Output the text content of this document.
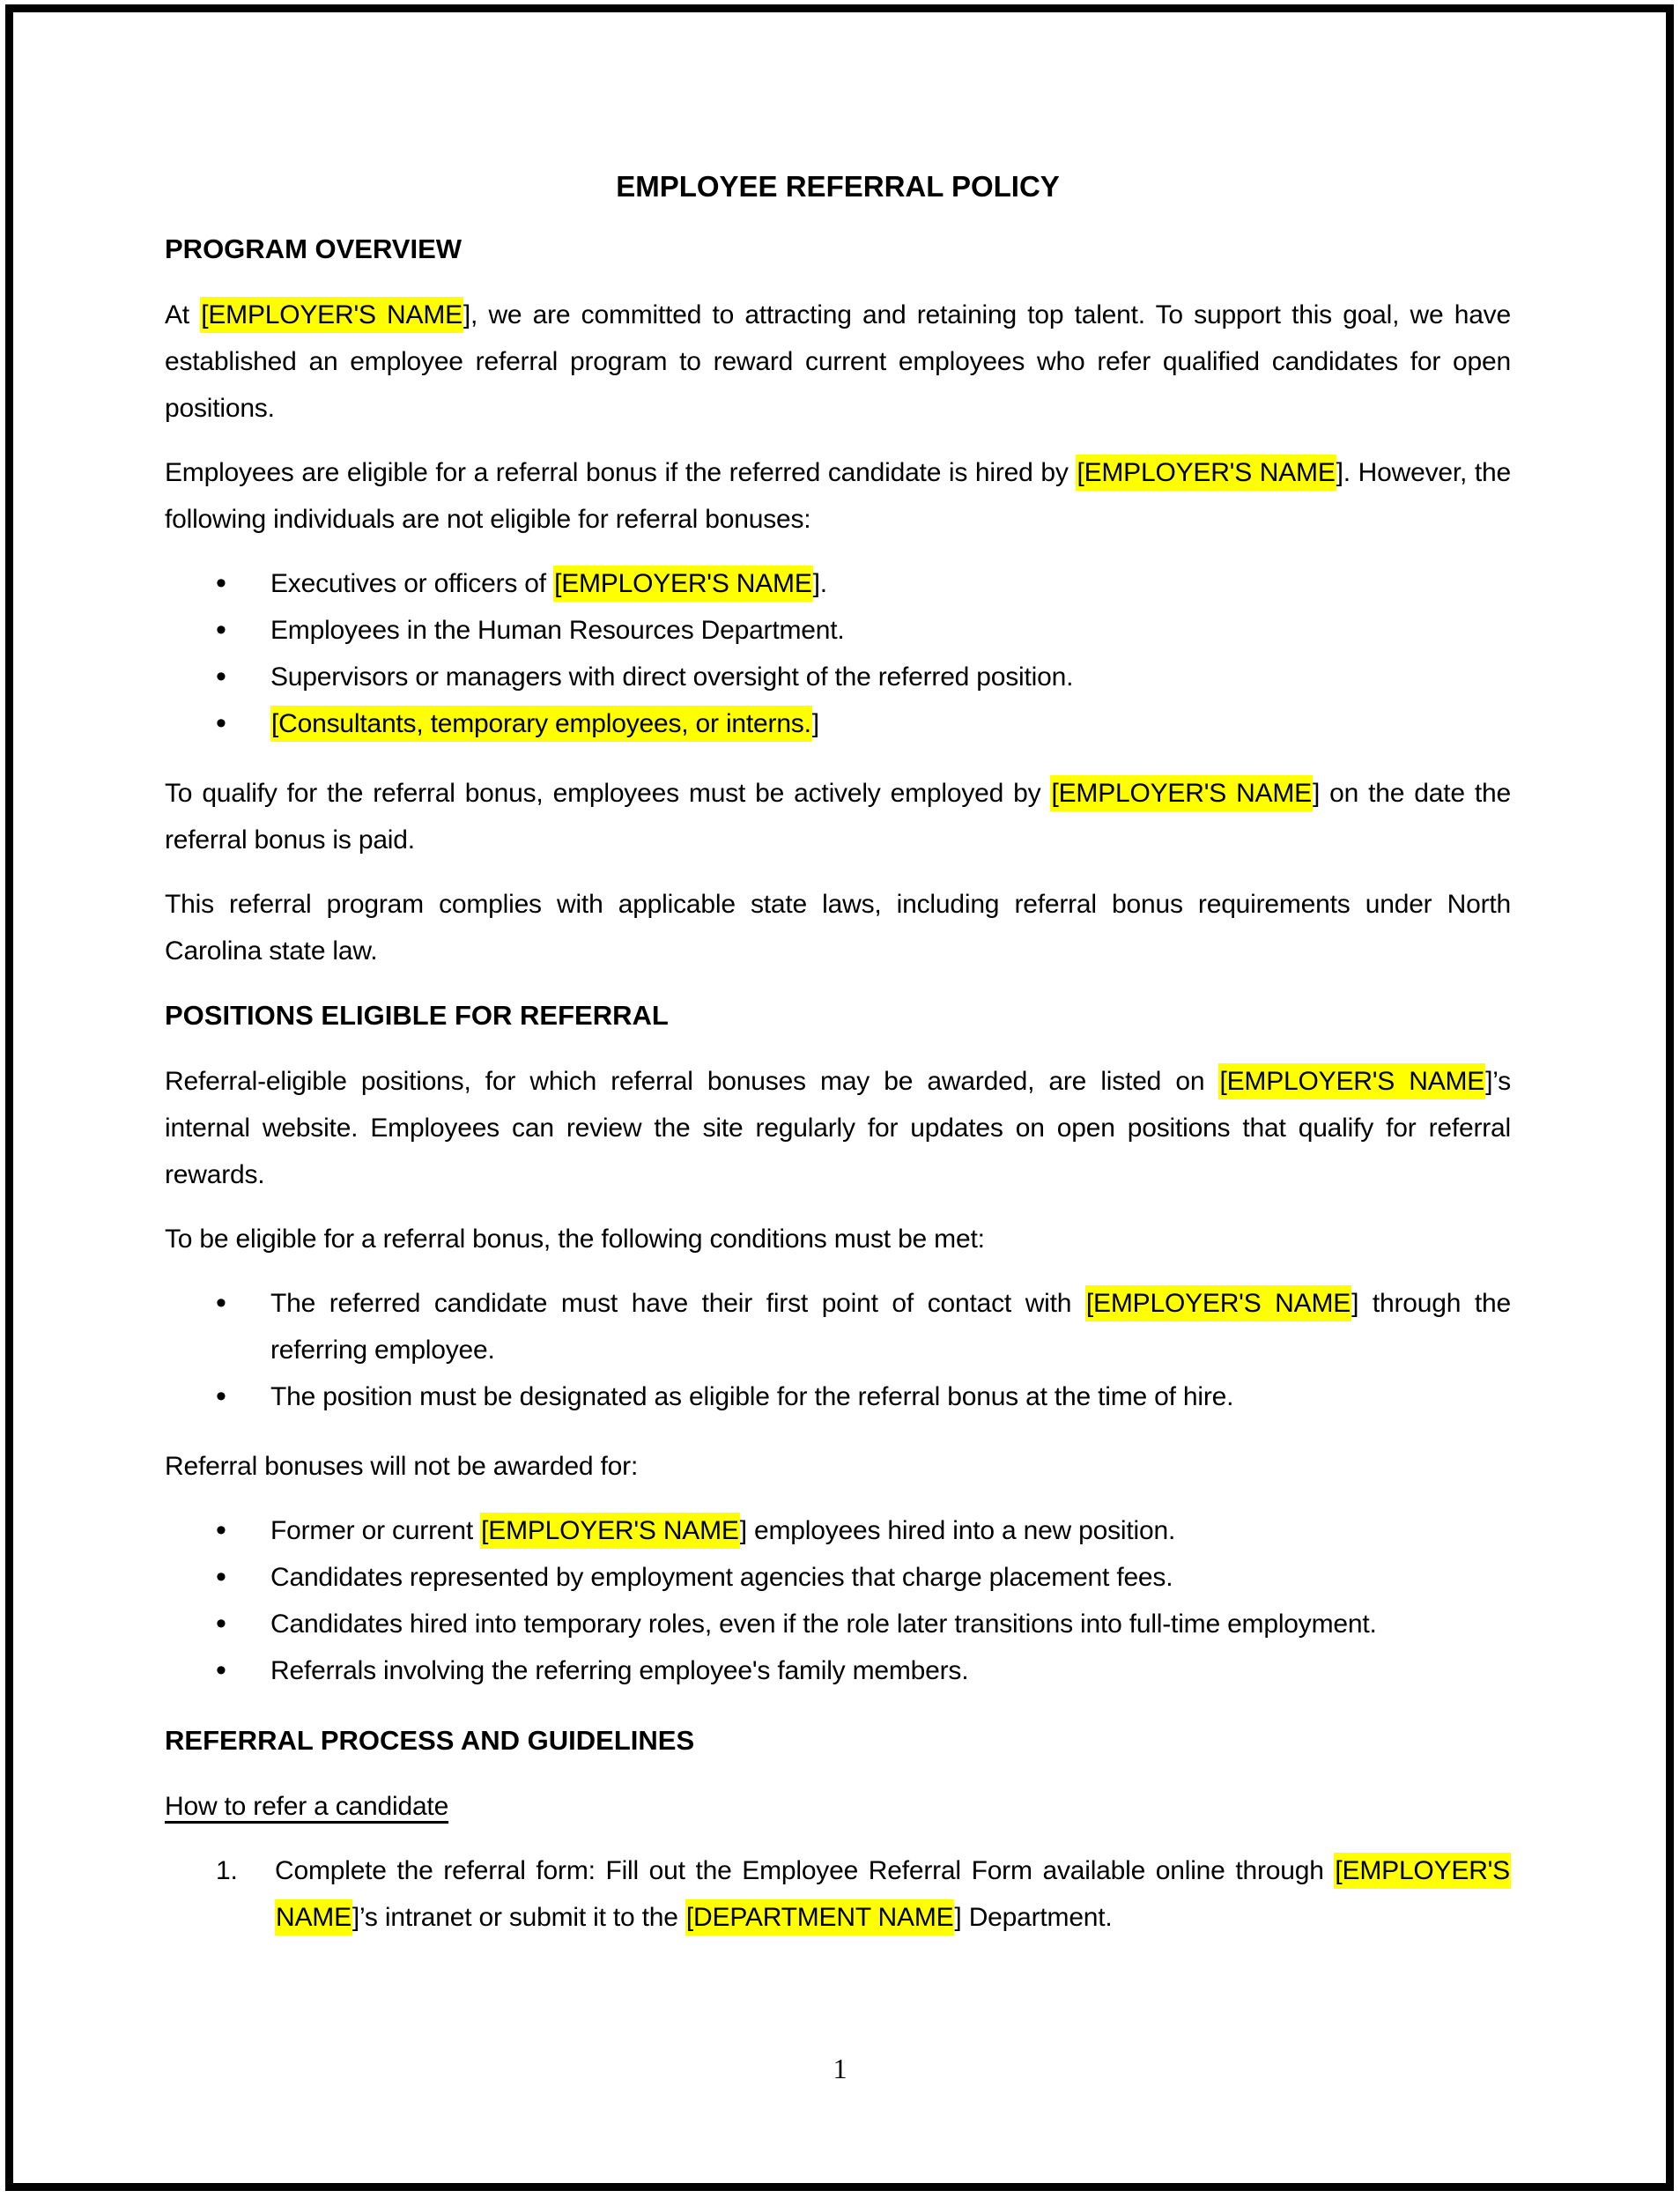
EMPLOYEE REFERRAL POLICY
PROGRAM OVERVIEW

At [EMPLOYER'S NAME], we are committed to attracting and retaining top talent. To support this goal, we have established an employee referral program to reward current employees who refer qualified candidates for open positions.

Employees are eligible for a referral bonus if the referred candidate is hired by [EMPLOYER'S NAME]. However, the following individuals are not eligible for referral bonuses:

• Executives or officers of [EMPLOYER'S NAME].
• Employees in the Human Resources Department.
• Supervisors or managers with direct oversight of the referred position.
• [Consultants, temporary employees, or interns.]

To qualify for the referral bonus, employees must be actively employed by [EMPLOYER'S NAME] on the date the referral bonus is paid.

This referral program complies with applicable state laws, including referral bonus requirements under North Carolina state law.

POSITIONS ELIGIBLE FOR REFERRAL

Referral-eligible positions, for which referral bonuses may be awarded, are listed on [EMPLOYER'S NAME]’s internal website. Employees can review the site regularly for updates on open positions that qualify for referral rewards.

To be eligible for a referral bonus, the following conditions must be met:

• The referred candidate must have their first point of contact with [EMPLOYER'S NAME] through the referring employee.
• The position must be designated as eligible for the referral bonus at the time of hire.

Referral bonuses will not be awarded for:

• Former or current [EMPLOYER'S NAME] employees hired into a new position.
• Candidates represented by employment agencies that charge placement fees.
• Candidates hired into temporary roles, even if the role later transitions into full-time employment.
• Referrals involving the referring employee's family members.
REFERRAL PROCESS AND GUIDELINES
How to refer a candidate
1. Complete the referral form: Fill out the Employee Referral Form available online through [EMPLOYER'S NAME]’s intranet or submit it to the [DEPARTMENT NAME] Department.
1
